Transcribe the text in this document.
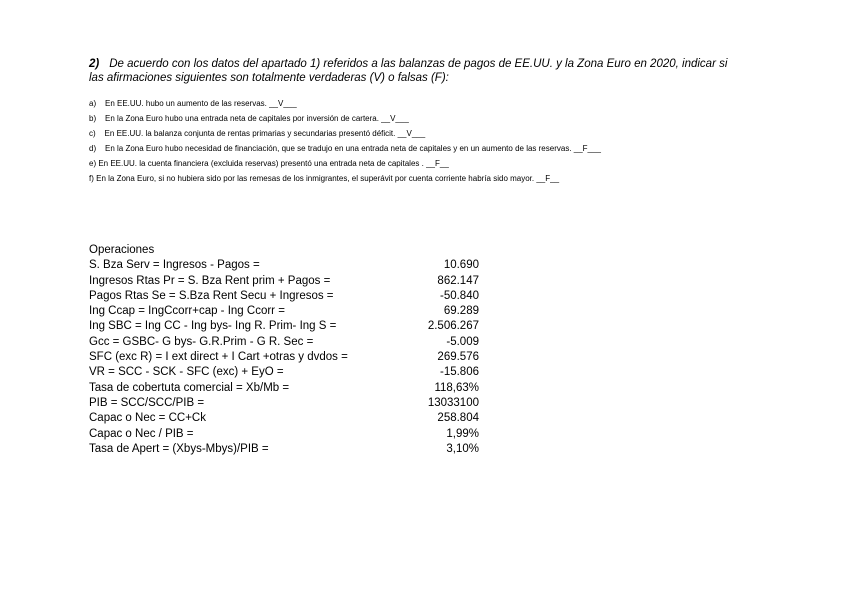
2) De acuerdo con los datos del apartado 1) referidos a las balanzas de pagos de EE.UU. y la Zona Euro en 2020, indicar si las afirmaciones siguientes son totalmente verdaderas (V) o falsas (F):
a)    En EE.UU. hubo un aumento de las reservas. __V___
b)    En la Zona Euro hubo una entrada neta de capitales por inversión de cartera. __V___
c)    En EE.UU. la balanza conjunta de rentas primarias y secundarias presentó déficit. __V___
d)    En la Zona Euro hubo necesidad de financiación, que se tradujo en una entrada neta de capitales y en un aumento de las reservas. __F___
e) En EE.UU. la cuenta financiera (excluida reservas) presentó una entrada neta de capitales . __F__
f) En la Zona Euro, si no hubiera sido por las remesas de los inmigrantes, el superávit por cuenta corriente habría sido mayor. __F__
Operaciones
S. Bza Serv = Ingresos - Pagos =	10.690
Ingresos Rtas Pr = S. Bza Rent prim + Pagos =	862.147
Pagos Rtas Se = S.Bza Rent Secu + Ingresos =	-50.840
Ing Ccap = IngCcorr+cap - Ing Ccorr =	69.289
Ing SBC = Ing CC - Ing bys- Ing R. Prim- Ing S =	2.506.267
Gcc = GSBC- G bys- G.R.Prim - G R. Sec =	-5.009
SFC (exc R) = I ext direct + I Cart +otras y dvdos =	269.576
VR = SCC - SCK - SFC (exc) + EyO =	-15.806
Tasa de cobertuta comercial = Xb/Mb =	118,63%
PIB = SCC/SCC/PIB =	13033100
Capac o Nec = CC+Ck	258.804
Capac o Nec / PIB =	1,99%
Tasa de Apert = (Xbys-Mbys)/PIB =	3,10%
